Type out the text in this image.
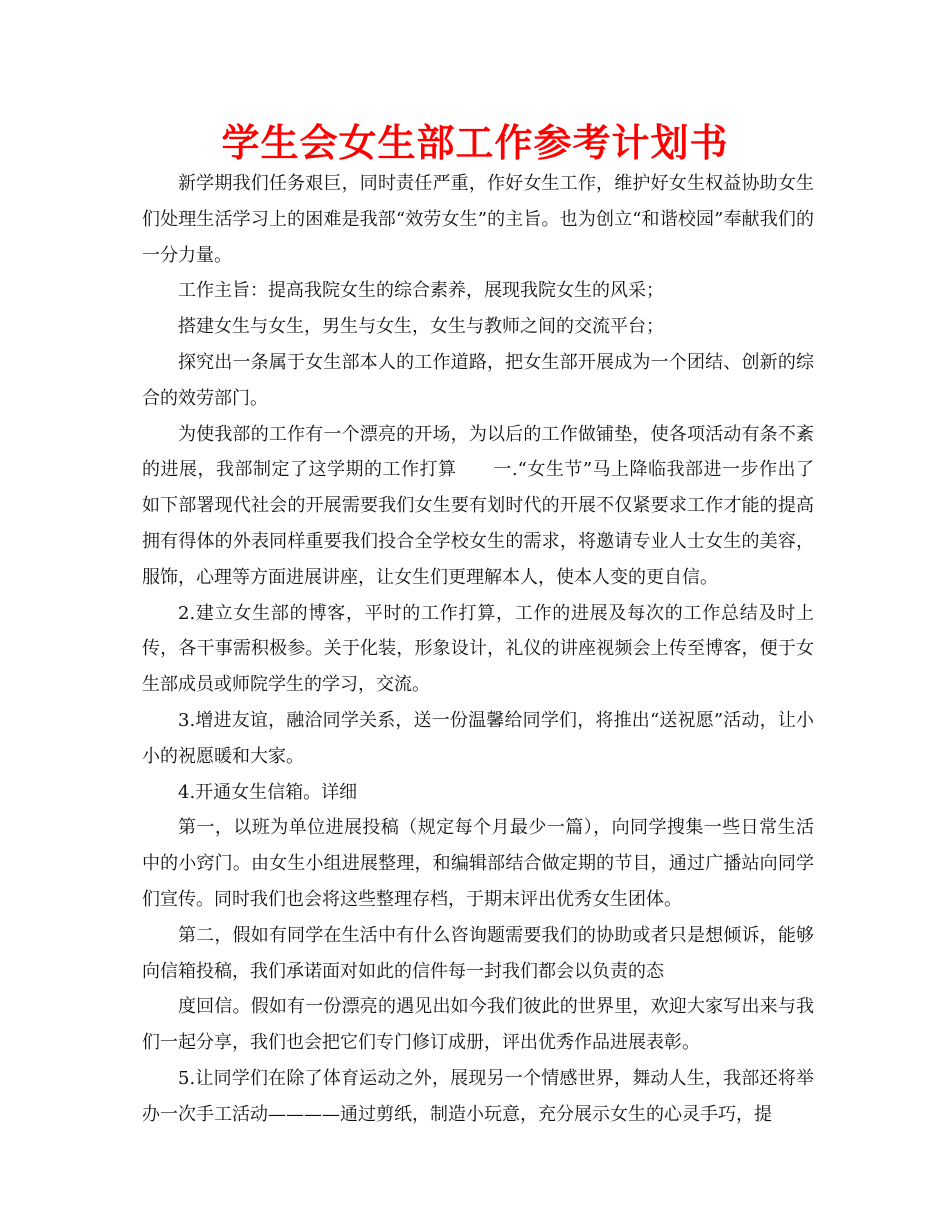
学生会女生部工作参考计划书

新学期我们任务艰巨，同时责任严重，作好女生工作，维护好女生权益协助女生们处理生活学习上的困难是我部“效劳女生”的主旨。也为创立“和谐校园”奉献我们的一分力量。

工作主旨：提高我院女生的综合素养，展现我院女生的风采；

搭建女生与女生，男生与女生，女生与教师之间的交流平台；

探究出一条属于女生部本人的工作道路，把女生部开展成为一个团结、创新的综合的效劳部门。

为使我部的工作有一个漂亮的开场，为以后的工作做铺垫，使各项活动有条不紊的进展，我部制定了这学期的工作打算　　一.“女生节”马上降临我部进一步作出了如下部署现代社会的开展需要我们女生要有划时代的开展不仅紧要求工作才能的提高拥有得体的外表同样重要我们投合全学校女生的需求，将邀请专业人士女生的美容，服饰，心理等方面进展讲座，让女生们更理解本人，使本人变的更自信。

2.建立女生部的博客，平时的工作打算，工作的进展及每次的工作总结及时上传，各干事需积极参。关于化装，形象设计，礼仪的讲座视频会上传至博客，便于女生部成员或师院学生的学习，交流。

3.增进友谊，融洽同学关系，送一份温馨给同学们，将推出“送祝愿”活动，让小小的祝愿暖和大家。

4.开通女生信箱。详细

第一，以班为单位进展投稿（规定每个月最少一篇），向同学搜集一些日常生活中的小窍门。由女生小组进展整理，和编辑部结合做定期的节目，通过广播站向同学们宣传。同时我们也会将这些整理存档，于期末评出优秀女生团体。

第二，假如有同学在生活中有什么咨询题需要我们的协助或者只是想倾诉，能够向信箱投稿，我们承诺面对如此的信件每一封我们都会以负责的态

度回信。假如有一份漂亮的遇见出如今我们彼此的世界里，欢迎大家写出来与我们一起分享，我们也会把它们专门修订成册，评出优秀作品进展表彰。

5.让同学们在除了体育运动之外，展现另一个情感世界，舞动人生，我部还将举办一次手工活动————通过剪纸，制造小玩意，充分展示女生的心灵手巧，提
